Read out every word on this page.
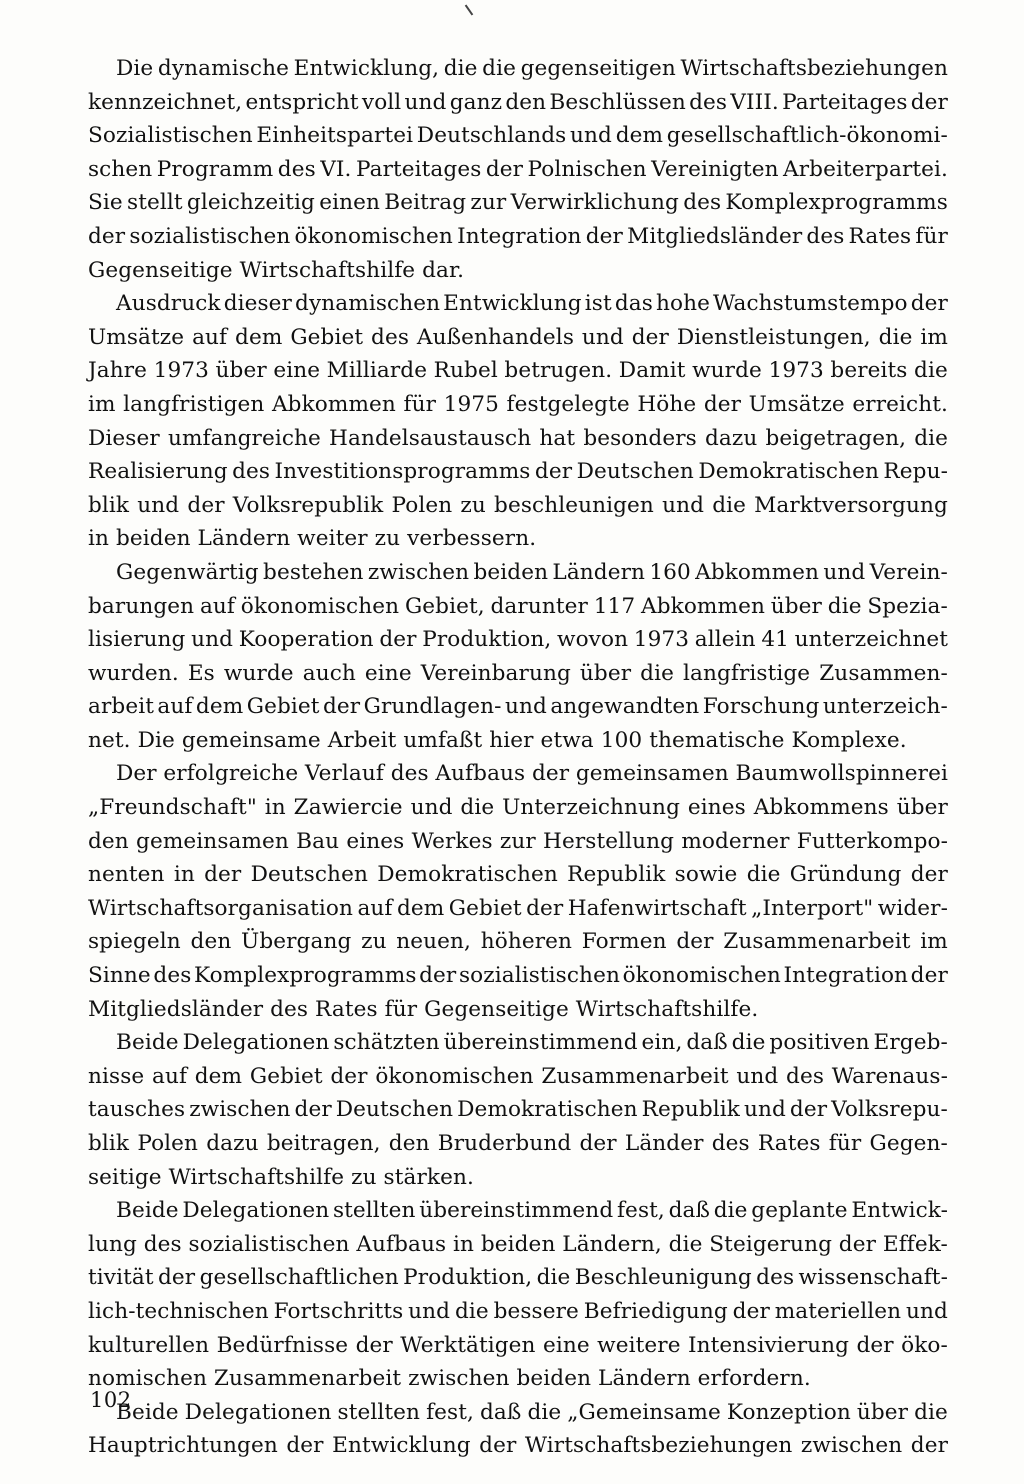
Die dynamische Entwicklung, die die gegenseitigen Wirtschaftsbeziehungen
kennzeichnet, entspricht voll und ganz den Beschlüssen des VIII. Parteitages der
Sozialistischen Einheitspartei Deutschlands und dem gesellschaftlich-ökonomi-
schen Programm des VI. Parteitages der Polnischen Vereinigten Arbeiterpartei.
Sie stellt gleichzeitig einen Beitrag zur Verwirklichung des Komplexprogramms
der sozialistischen ökonomischen Integration der Mitgliedsländer des Rates für
Gegenseitige Wirtschaftshilfe dar.
Ausdruck dieser dynamischen Entwicklung ist das hohe Wachstumstempo der
Umsätze auf dem Gebiet des Außenhandels und der Dienstleistungen, die im
Jahre 1973 über eine Milliarde Rubel betrugen. Damit wurde 1973 bereits die
im langfristigen Abkommen für 1975 festgelegte Höhe der Umsätze erreicht.
Dieser umfangreiche Handelsaustausch hat besonders dazu beigetragen, die
Realisierung des Investitionsprogramms der Deutschen Demokratischen Repu-
blik und der Volksrepublik Polen zu beschleunigen und die Marktversorgung
in beiden Ländern weiter zu verbessern.
Gegenwärtig bestehen zwischen beiden Ländern 160 Abkommen und Verein-
barungen auf ökonomischen Gebiet, darunter 117 Abkommen über die Spezia-
lisierung und Kooperation der Produktion, wovon 1973 allein 41 unterzeichnet
wurden. Es wurde auch eine Vereinbarung über die langfristige Zusammen-
arbeit auf dem Gebiet der Grundlagen- und angewandten Forschung unterzeich-
net. Die gemeinsame Arbeit umfaßt hier etwa 100 thematische Komplexe.
Der erfolgreiche Verlauf des Aufbaus der gemeinsamen Baumwollspinnerei
„Freundschaft" in Zawiercie und die Unterzeichnung eines Abkommens über
den gemeinsamen Bau eines Werkes zur Herstellung moderner Futterkompo-
nenten in der Deutschen Demokratischen Republik sowie die Gründung der
Wirtschaftsorganisation auf dem Gebiet der Hafenwirtschaft „Interport" wider-
spiegeln den Übergang zu neuen, höheren Formen der Zusammenarbeit im
Sinne des Komplexprogramms der sozialistischen ökonomischen Integration der
Mitgliedsländer des Rates für Gegenseitige Wirtschaftshilfe.
Beide Delegationen schätzten übereinstimmend ein, daß die positiven Ergeb-
nisse auf dem Gebiet der ökonomischen Zusammenarbeit und des Warenaus-
tausches zwischen der Deutschen Demokratischen Republik und der Volksrepu-
blik Polen dazu beitragen, den Bruderbund der Länder des Rates für Gegen-
seitige Wirtschaftshilfe zu stärken.
Beide Delegationen stellten übereinstimmend fest, daß die geplante Entwick-
lung des sozialistischen Aufbaus in beiden Ländern, die Steigerung der Effek-
tivität der gesellschaftlichen Produktion, die Beschleunigung des wissenschaft-
lich-technischen Fortschritts und die bessere Befriedigung der materiellen und
kulturellen Bedürfnisse der Werktätigen eine weitere Intensivierung der öko-
nomischen Zusammenarbeit zwischen beiden Ländern erfordern.
Beide Delegationen stellten fest, daß die „Gemeinsame Konzeption über die
Hauptrichtungen der Entwicklung der Wirtschaftsbeziehungen zwischen der
102
